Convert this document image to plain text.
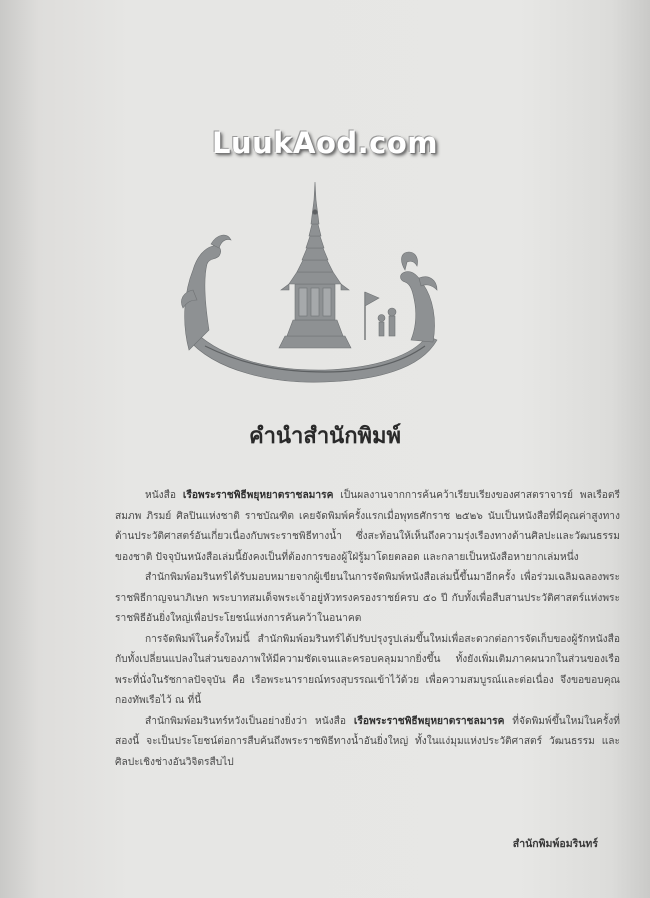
LuukAod.com
คำนำสำนักพิมพ์

หนังสือ เรือพระราชพิธีพยุหยาตราชลมารค เป็นผลงานจากการค้นคว้าเรียบเรียงของศาสตราจารย์ พลเรือตรีสมภพ ภิรมย์ ศิลปินแห่งชาติ ราชบัณฑิต เคยจัดพิมพ์ครั้งแรกเมื่อพุทธศักราช ๒๕๒๖ นับเป็นหนังสือที่มีคุณค่าสูงทางด้านประวัติศาสตร์อันเกี่ยวเนื่องกับพระราชพิธีทางน้ำ ซึ่งสะท้อนให้เห็นถึงความรุ่งเรืองทางด้านศิลปะและวัฒนธรรมของชาติ ปัจจุบันหนังสือเล่มนี้ยังคงเป็นที่ต้องการของผู้ใฝ่รู้มาโดยตลอด และกลายเป็นหนังสือหายากเล่มหนึ่ง

สำนักพิมพ์อมรินทร์ได้รับมอบหมายจากผู้เขียนในการจัดพิมพ์หนังสือเล่มนี้ขึ้นมาอีกครั้ง เพื่อร่วมเฉลิมฉลองพระราชพิธีกาญจนาภิเษก พระบาทสมเด็จพระเจ้าอยู่หัวทรงครองราชย์ครบ ๕๐ ปี กับทั้งเพื่อสืบสานประวัติศาสตร์แห่งพระราชพิธีอันยิ่งใหญ่เพื่อประโยชน์แห่งการค้นคว้าในอนาคต

การจัดพิมพ์ในครั้งใหม่นี้ สำนักพิมพ์อมรินทร์ได้ปรับปรุงรูปเล่มขึ้นใหม่เพื่อสะดวกต่อการจัดเก็บของผู้รักหนังสือ กับทั้งเปลี่ยนแปลงในส่วนของภาพให้มีความชัดเจนและครอบคลุมมากยิ่งขึ้น ทั้งยังเพิ่มเติมภาคผนวกในส่วนของเรือพระที่นั่งในรัชกาลปัจจุบัน คือ เรือพระนารายณ์ทรงสุบรรณเข้าไว้ด้วย เพื่อความสมบูรณ์และต่อเนื่อง จึงขอขอบคุณกองทัพเรือไว้ ณ ที่นี้

สำนักพิมพ์อมรินทร์หวังเป็นอย่างยิ่งว่า หนังสือ เรือพระราชพิธีพยุหยาตราชลมารค ที่จัดพิมพ์ขึ้นใหม่ในครั้งที่สองนี้ จะเป็นประโยชน์ต่อการสืบค้นถึงพระราชพิธีทางน้ำอันยิ่งใหญ่ ทั้งในแง่มุมแห่งประวัติศาสตร์ วัฒนธรรม และศิลปะเชิงช่างอันวิจิตรสืบไป

สำนักพิมพ์อมรินทร์
